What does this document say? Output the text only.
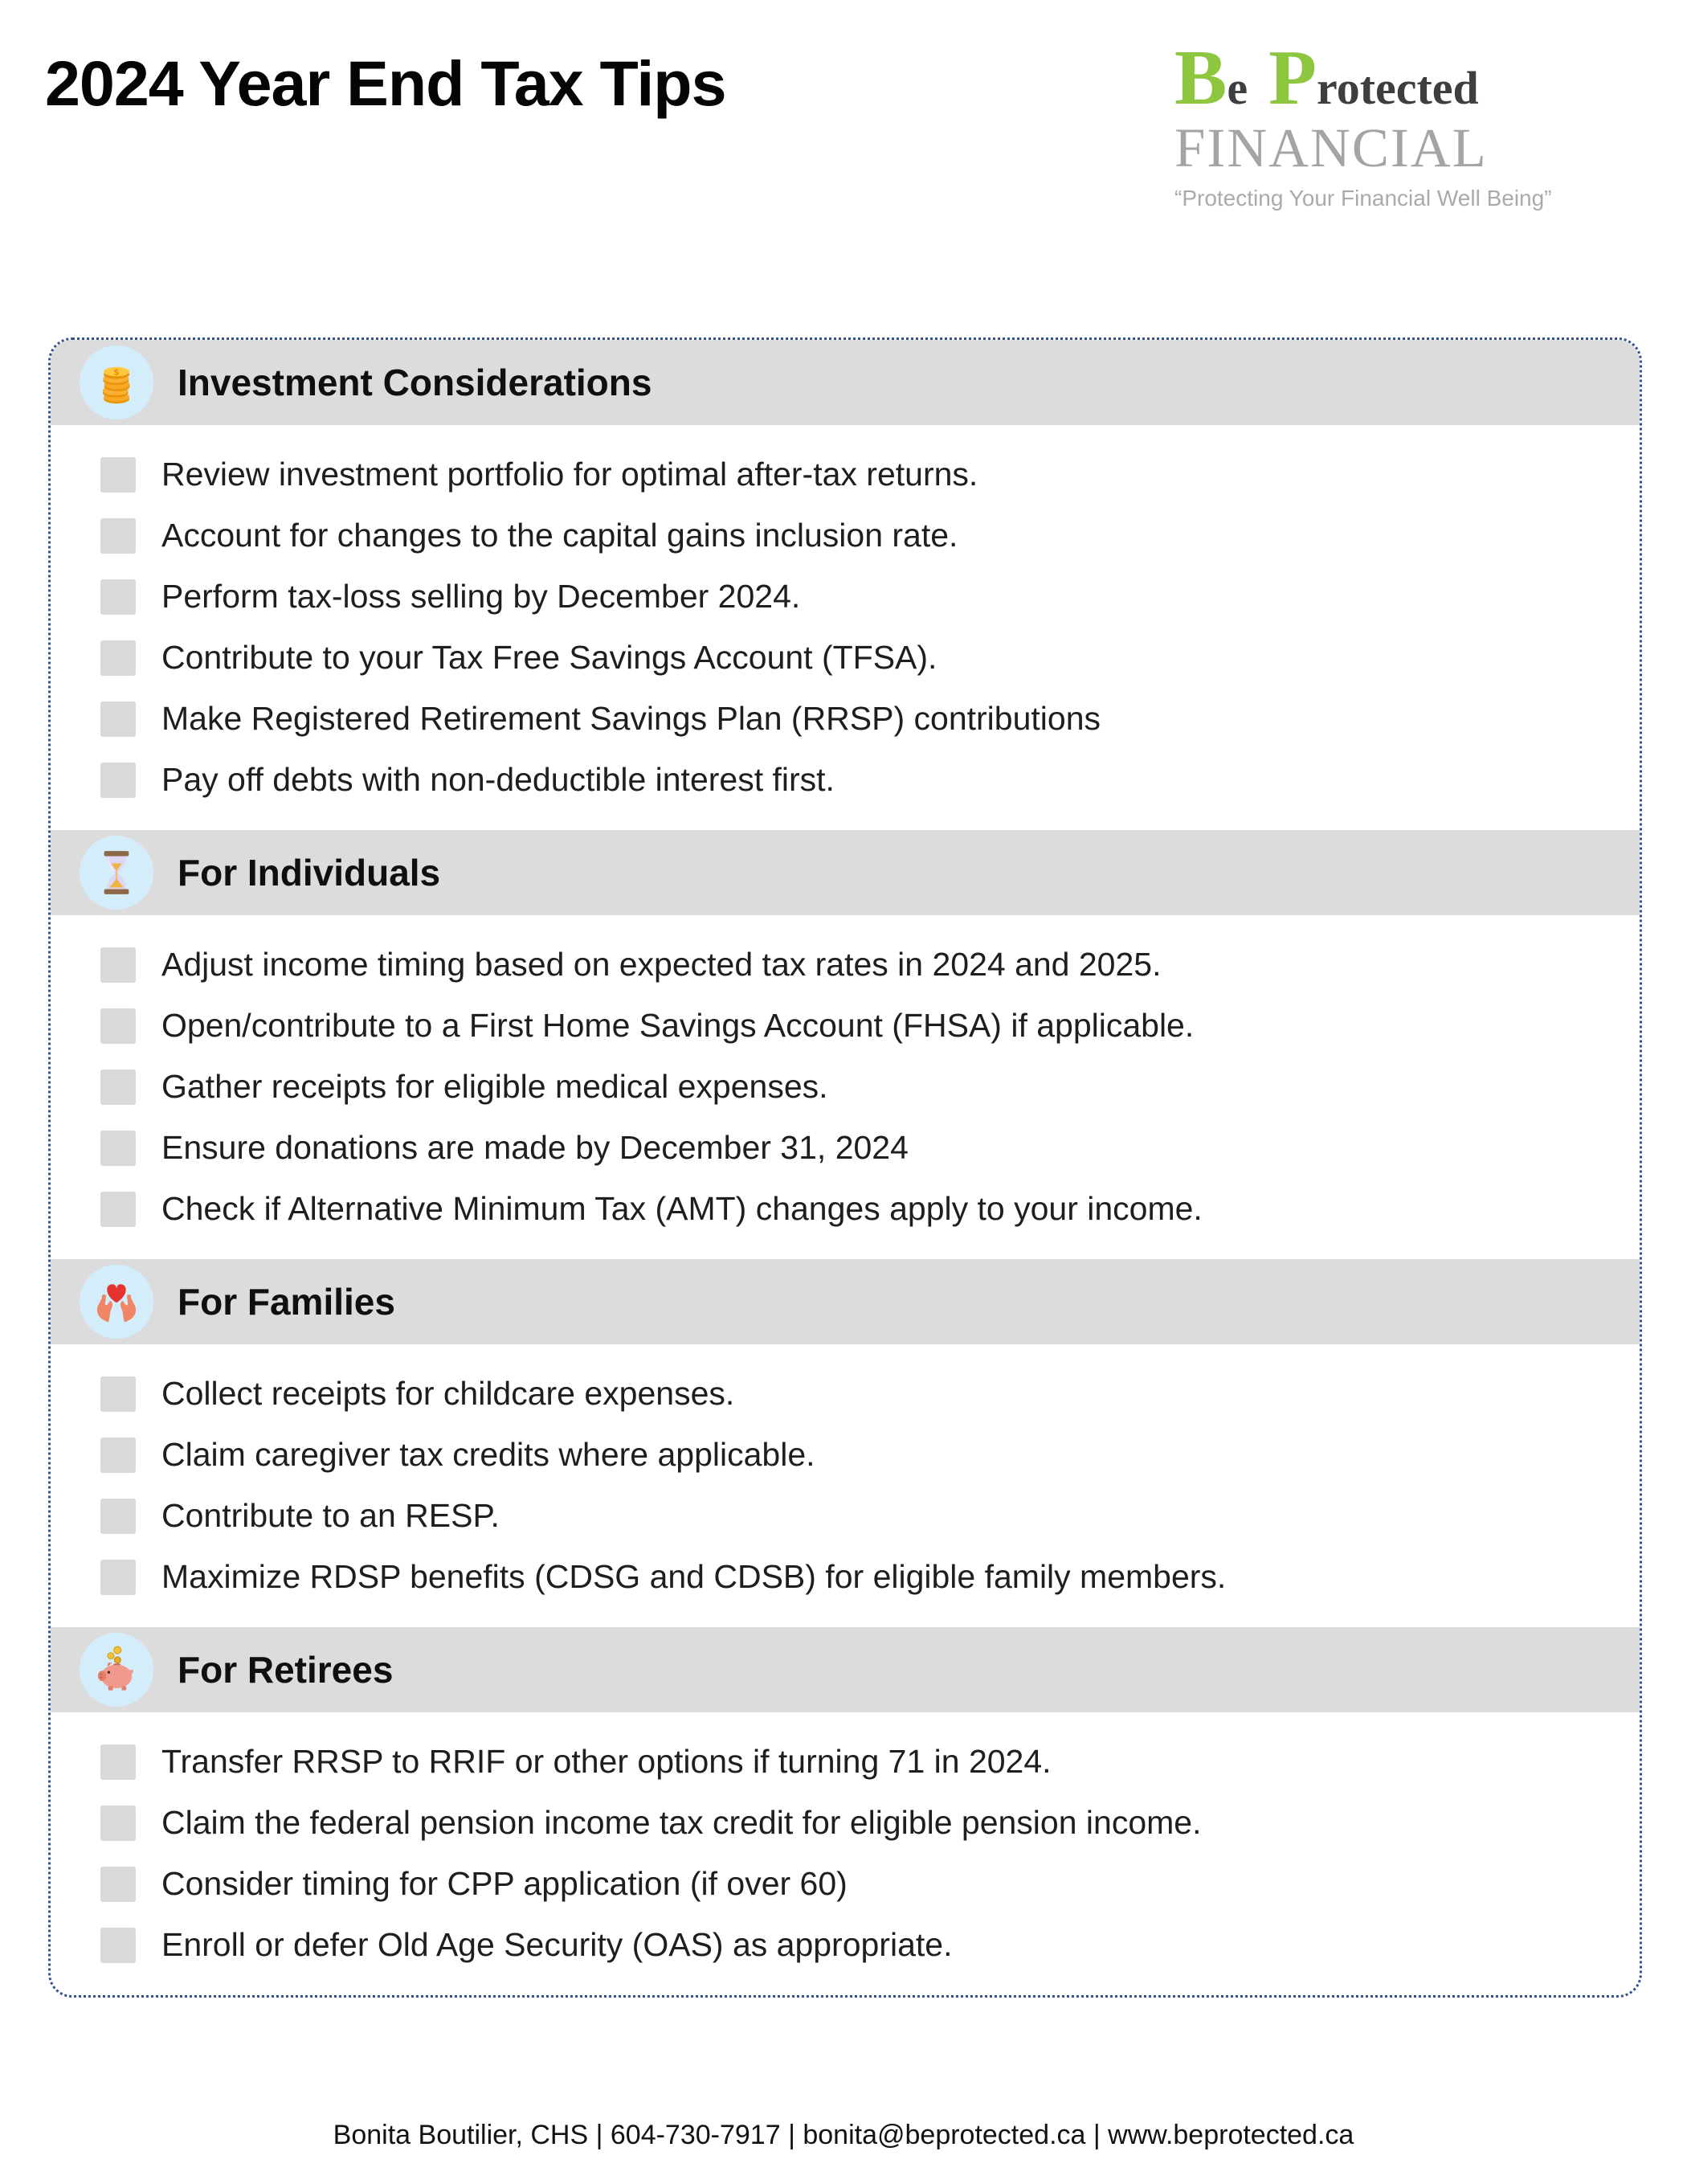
2024 Year End Tax Tips	Be Protected
FINANCIAL
“Protecting Your Financial Well Being”
$ Investment Considerations
Review investment portfolio for optimal after-tax returns.
Account for changes to the capital gains inclusion rate.
Perform tax-loss selling by December 2024.
Contribute to your Tax Free Savings Account (TFSA).
Make Registered Retirement Savings Plan (RRSP) contributions
Pay off debts with non-deductible interest first.
For Individuals
Adjust income timing based on expected tax rates in 2024 and 2025.
Open/contribute to a First Home Savings Account (FHSA) if applicable.
Gather receipts for eligible medical expenses.
Ensure donations are made by December 31, 2024
Check if Alternative Minimum Tax (AMT) changes apply to your income.
For Families
Collect receipts for childcare expenses.
Claim caregiver tax credits where applicable.
Contribute to an RESP.
Maximize RDSP benefits (CDSG and CDSB) for eligible family members.
For Retirees
Transfer RRSP to RRIF or other options if turning 71 in 2024.
Claim the federal pension income tax credit for eligible pension income.
Consider timing for CPP application (if over 60)
Enroll or defer Old Age Security (OAS) as appropriate.

Bonita Boutilier, CHS | 604-730-7917 | bonita@beprotected.ca | www.beprotected.ca
